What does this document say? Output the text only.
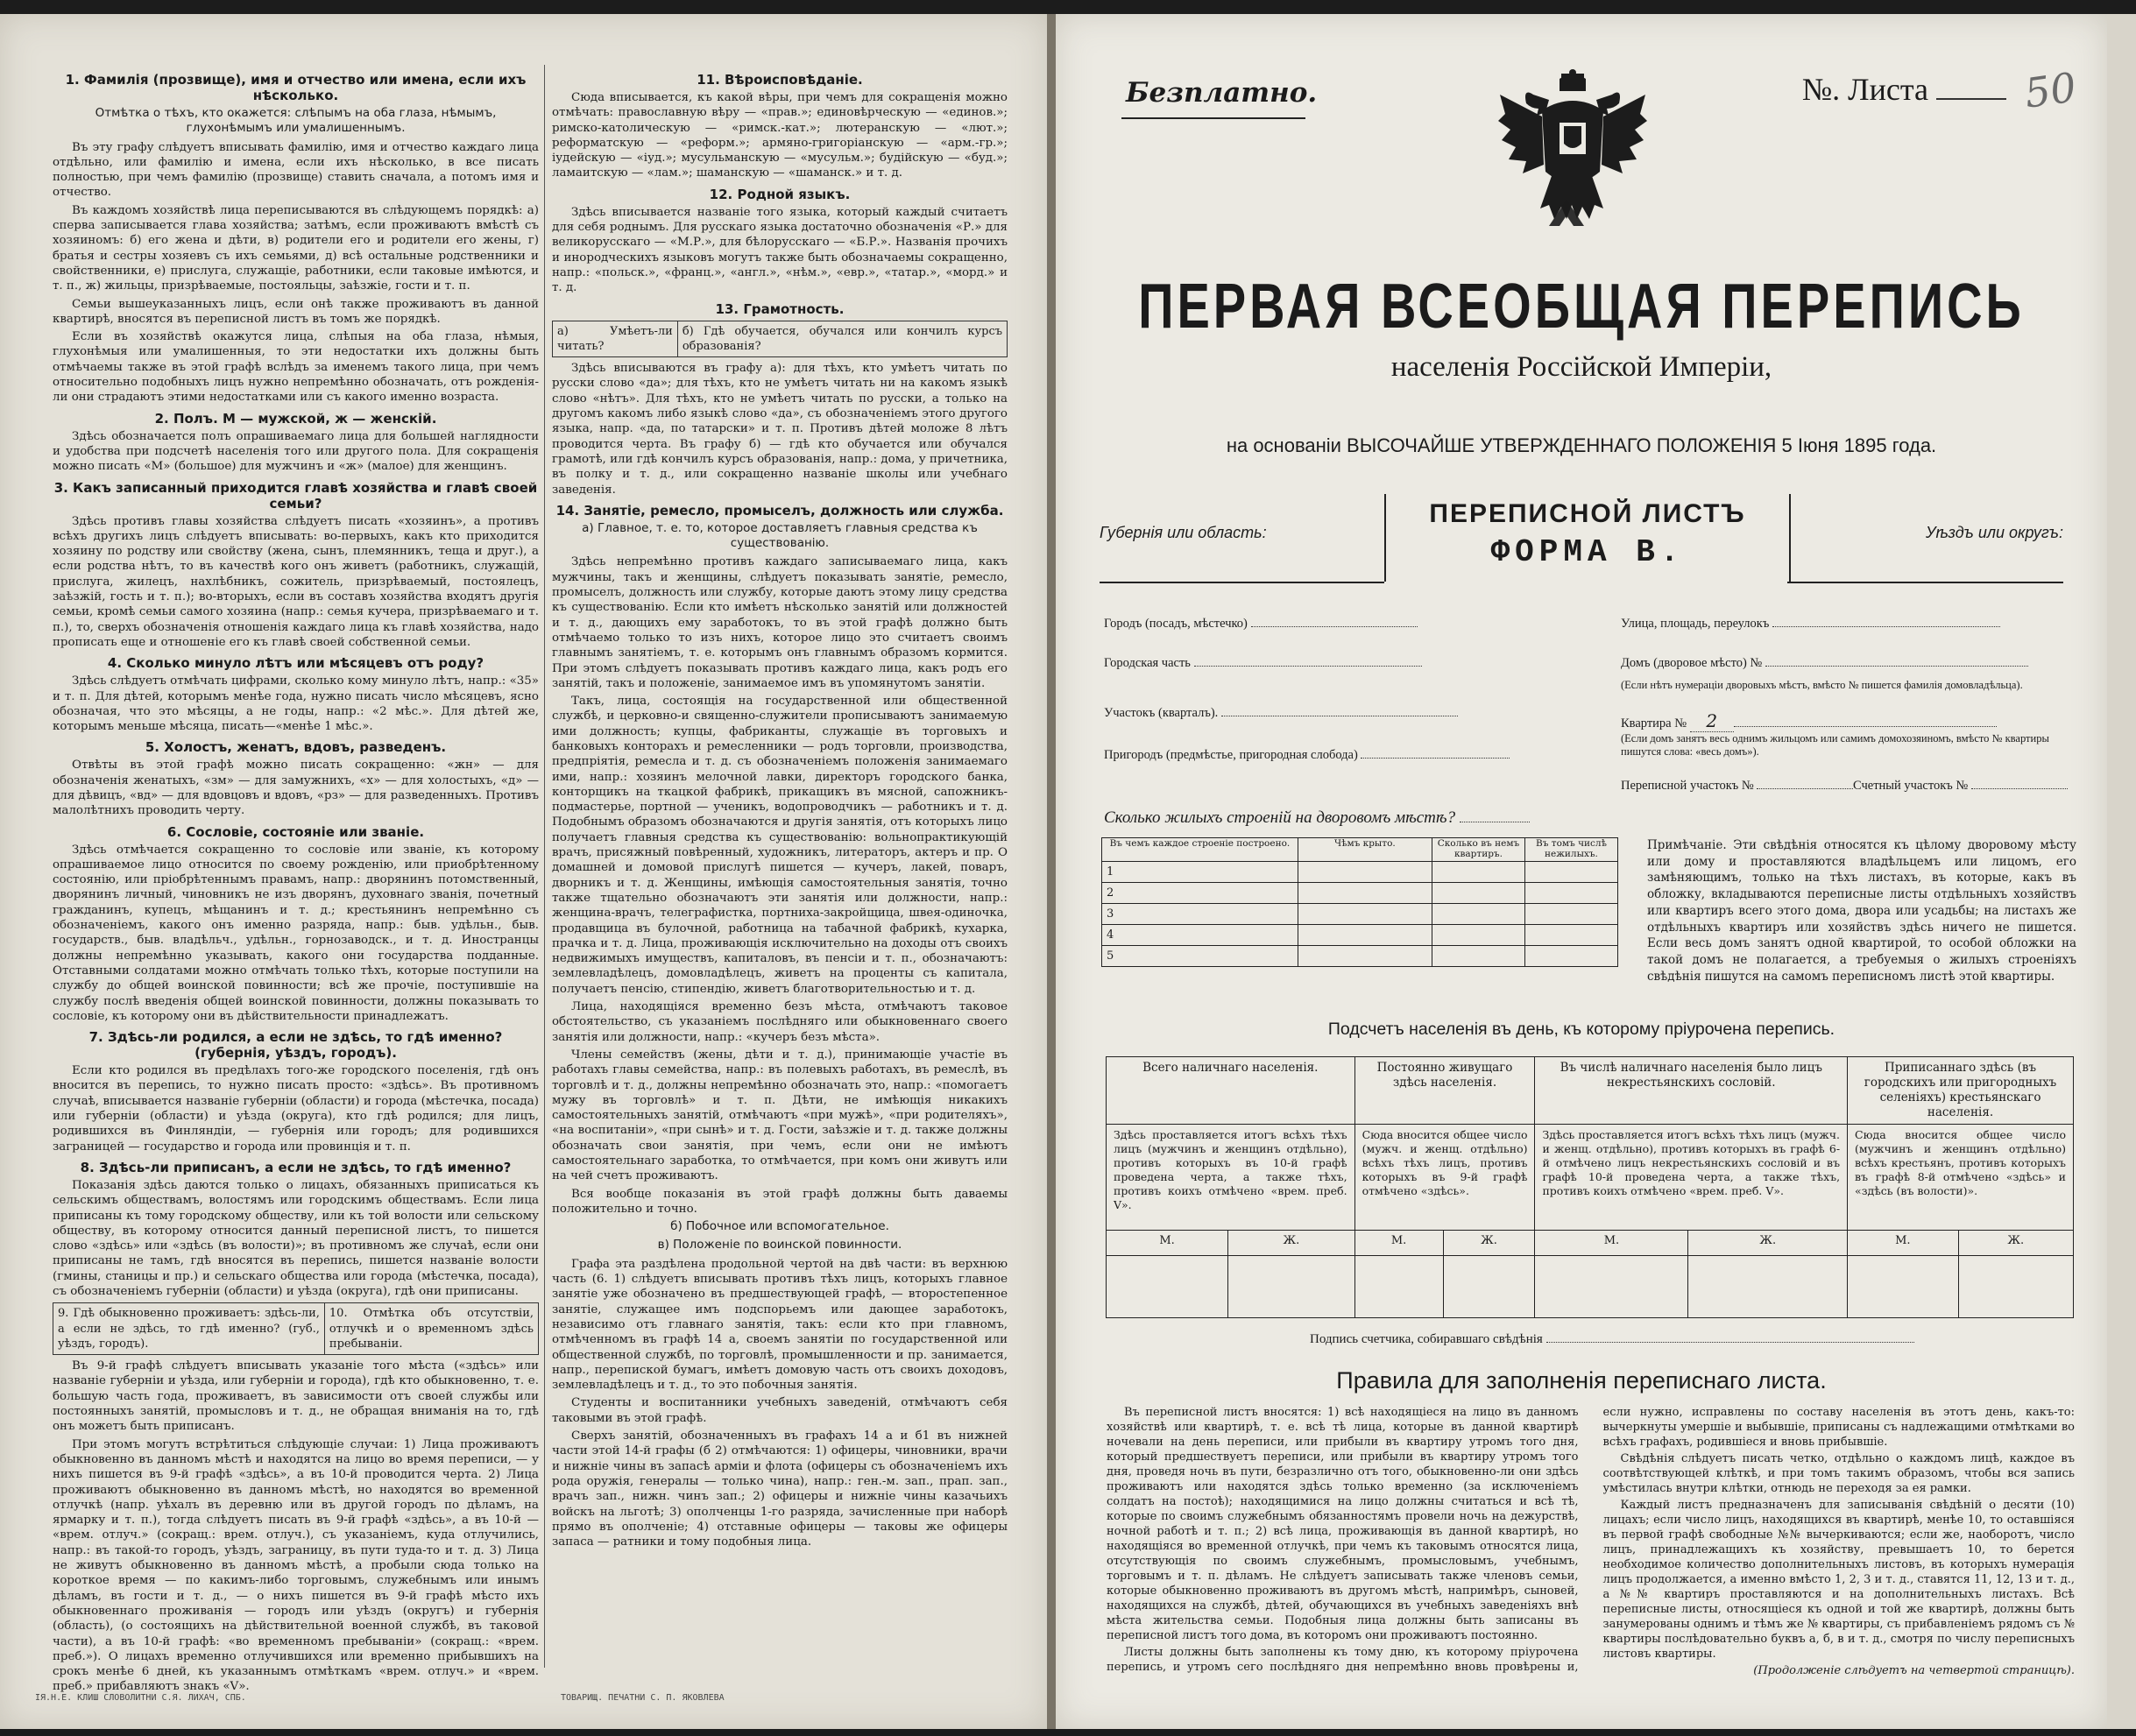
1. Фамилія (прозвище), имя и отчество или имена, если ихъ нѣсколько.
Отмѣтка о тѣхъ, кто окажется: слѣпымъ на оба глаза, нѣмымъ, глухонѣмымъ или умалишеннымъ.

Въ эту графу слѣдуетъ вписывать фамилію, имя и отчество каждаго лица отдѣльно, или фамилію и имена, если ихъ нѣсколько, в все писать полностью, при чемъ фамилію (прозвище) ставить сначала, а потомъ имя и отчество.

Въ каждомъ хозяйствѣ лица переписываются въ слѣдующемъ порядкѣ: а) сперва записывается глава хозяйства; затѣмъ, если проживаютъ вмѣстѣ съ хозяиномъ: б) его жена и дѣти, в) родители его и родители его жены, г) братья и сестры хозяевъ съ ихъ семьями, д) всѣ остальные родственники и свойственники, е) прислуга, служащіе, работники, если таковые имѣются, и т. п., ж) жильцы, призрѣваемые, постояльцы, заѣзжіе, гости и т. п.

Семьи вышеуказанныхъ лицъ, если онѣ также проживаютъ въ данной квартирѣ, вносятся въ переписной листъ въ томъ же порядкѣ.

Если въ хозяйствѣ окажутся лица, слѣпыя на оба глаза, нѣмыя, глухонѣмыя или умалишенныя, то эти недостатки ихъ должны быть отмѣчаемы также въ этой графѣ вслѣдъ за именемъ такого лица, при чемъ относительно подобныхъ лицъ нужно непремѣнно обозначать, отъ рожденія-ли они страдаютъ этими недостатками или съ какого именно возраста.

2. Полъ. М — мужской, ж — женскій.

Здѣсь обозначается полъ опрашиваемаго лица для большей наглядности и удобства при подсчетѣ населенія того или другого пола. Для сокращенія можно писать «М» (большое) для мужчинъ и «ж» (малое) для женщинъ.

3. Какъ записанный приходится главѣ хозяйства и главѣ своей семьи?

Здѣсь противъ главы хозяйства слѣдуетъ писать «хозяинъ», а противъ всѣхъ другихъ лицъ слѣдуетъ вписывать: во-первыхъ, какъ кто приходится хозяину по родству или свойству (жена, сынъ, племянникъ, теща и друг.), а если родства нѣтъ, то въ качествѣ кого онъ живетъ (работникъ, служащій, прислуга, жилецъ, нахлѣбникъ, сожитель, призрѣваемый, постоялецъ, заѣзжій, гость и т. п.); во-вторыхъ, если въ составъ хозяйства входятъ другія семьи, кромѣ семьи самого хозяина (напр.: семья кучера, призрѣваемаго и т. п.), то, сверхъ обозначенія отношенія каждаго лица къ главѣ хозяйства, надо прописать еще и отношеніе его къ главѣ своей собственной семьи.

4. Сколько минуло лѣтъ или мѣсяцевъ отъ роду?

Здѣсь слѣдуетъ отмѣчать цифрами, сколько кому минуло лѣтъ, напр.: «35» и т. п. Для дѣтей, которымъ менѣе года, нужно писать число мѣсяцевъ, ясно обозначая, что это мѣсяцы, а не годы, напр.: «2 мѣс.». Для дѣтей же, которымъ меньше мѣсяца, писать—«менѣе 1 мѣс.».

5. Холостъ, женатъ, вдовъ, разведенъ.

Отвѣты въ этой графѣ можно писать сокращенно: «жн» — для обозначенія женатыхъ, «зм» — для замужнихъ, «х» — для холостыхъ, «д» — для дѣвицъ, «вд» — для вдовцовъ и вдовъ, «рз» — для разведенныхъ. Противъ малолѣтнихъ проводить черту.

6. Сословіе, состояніе или званіе.

Здѣсь отмѣчается сокращенно то сословіе или званіе, къ которому опрашиваемое лицо относится по своему рожденію, или приобрѣтенному состоянію, или пріобрѣтеннымъ правамъ, напр.: дворянинъ потомственный, дворянинъ личный, чиновникъ не изъ дворянъ, духовнаго званія, почетный гражданинъ, купецъ, мѣщанинъ и т. д.; крестьянинъ непремѣнно съ обозначеніемъ, какого онъ именно разряда, напр.: быв. удѣльн., быв. государств., быв. владѣльч., удѣльн., горнозаводск., и т. д. Иностранцы должны непремѣнно указывать, какого они государства подданные. Отставными солдатами можно отмѣчать только тѣхъ, которые поступили на службу до общей воинской повинности; всѣ же прочіе, поступившіе на службу послѣ введенія общей воинской повинности, должны показывать то сословіе, къ которому они въ дѣйствительности принадлежатъ.

7. Здѣсь-ли родился, а если не здѣсь, то гдѣ именно? (губернія, уѣздъ, городъ).

Если кто родился въ предѣлахъ того-же городского поселенія, гдѣ онъ вносится въ перепись, то нужно писать просто: «здѣсь». Въ противномъ случаѣ, вписывается названіе губерніи (области) и города (мѣстечка, посада) или губерніи (области) и уѣзда (округа), кто гдѣ родился; для лицъ, родившихся въ Финляндіи, — губернія или городъ; для родившихся заграницей — государство и города или провинція и т. п.

8. Здѣсь-ли приписанъ, а если не здѣсь, то гдѣ именно?

Показанія здѣсь даются только о лицахъ, обязанныхъ приписаться къ сельскимъ обществамъ, волостямъ или городскимъ обществамъ. Если лица приписаны къ тому городскому обществу, или къ той волости или сельскому обществу, въ которому относится данный переписной листъ, то пишется слово «здѣсь» или «здѣсь (въ волости)»; въ противномъ же случаѣ, если они приписаны не тамъ, гдѣ вносятся въ перепись, пишется названіе волости (гмины, станицы и пр.) и сельскаго общества или города (мѣстечка, посада), съ обозначеніемъ губерніи (области) и уѣзда (округа), гдѣ они приписаны.

9. Гдѣ обыкновенно проживаетъ: здѣсь-ли, а если не здѣсь, то гдѣ именно? (губ., уѣздъ, городъ).	10. Отмѣтка объ отсутствіи, отлучкѣ и о временномъ здѣсь пребываніи.

Въ 9-й графѣ слѣдуетъ вписывать указаніе того мѣста («здѣсь» или названіе губерніи и уѣзда, или губерніи и города), гдѣ кто обыкновенно, т. е. большую часть года, проживаетъ, въ зависимости отъ своей службы или постоянныхъ занятій, промысловъ и т. д., не обращая вниманія на то, гдѣ онъ можетъ быть приписанъ.

При этомъ могутъ встрѣтиться слѣдующіе случаи: 1) Лица проживаютъ обыкновенно въ данномъ мѣстѣ и находятся на лицо во время переписи, — у нихъ пишется въ 9-й графѣ «здѣсь», а въ 10-й проводится черта. 2) Лица проживаютъ обыкновенно въ данномъ мѣстѣ, но находятся во временной отлучкѣ (напр. уѣхалъ въ деревню или въ другой городъ по дѣламъ, на ярмарку и т. п.), тогда слѣдуетъ писать въ 9-й графѣ «здѣсь», а въ 10-й — «врем. отлуч.» (сокращ.: врем. отлуч.), съ указаніемъ, куда отлучились, напр.: въ такой-то городъ, уѣздъ, заграницу, въ пути туда-то и т. д. 3) Лица не живутъ обыкновенно въ данномъ мѣстѣ, а пробыли сюда только на короткое время — по какимъ-либо торговымъ, служебнымъ или инымъ дѣламъ, въ гости и т. д., — о нихъ пишется въ 9-й графѣ мѣсто ихъ обыкновеннаго проживанія — городъ или уѣздъ (округъ) и губернія (область), (о состоящихъ на дѣйствительной военной службѣ, въ таковой части), а въ 10-й графѣ: «во временномъ пребываніи» (сокращ.: «врем. преб.»). О лицахъ временно отлучившихся или временно прибывшихъ на срокъ менѣе 6 дней, къ указаннымъ отмѣткамъ «врем. отлуч.» и «врем. преб.» прибавляютъ знакъ «V».

11. Вѣроисповѣданіе.

Сюда вписывается, къ какой вѣры, при чемъ для сокращенія можно отмѣчать: православную вѣру — «прав.»; единовѣрческую — «единов.»; римско-католическую — «римск.-кат.»; лютеранскую — «лют.»; реформатскую — «реформ.»; армяно-григоріанскую — «арм.-гр.»; іудейскую — «іуд.»; мусульманскую — «мусульм.»; будійскую — «буд.»; ламаитскую — «лам.»; шаманскую — «шаманск.» и т. д.

12. Родной языкъ.

Здѣсь вписывается названіе того языка, который каждый считаетъ для себя роднымъ. Для русскаго языка достаточно обозначенія «Р.» для великорусскаго — «М.Р.», для бѣлорусскаго — «Б.Р.». Названія прочихъ и инородческихъ языковъ могутъ также быть обозначаемы сокращенно, напр.: «польск.», «франц.», «англ.», «нѣм.», «евр.», «татар.», «морд.» и т. д.

13. Грамотность.
а) Умѣетъ-ли читать?	б) Гдѣ обучается, обучался или кончилъ курсъ образованія?

Здѣсь вписываются въ графу а): для тѣхъ, кто умѣетъ читать по русски слово «да»; для тѣхъ, кто не умѣетъ читать ни на какомъ языкѣ слово «нѣтъ». Для тѣхъ, кто не умѣетъ читать по русски, а только на другомъ какомъ либо языкѣ слово «да», съ обозначеніемъ этого другого языка, напр. «да, по татарски» и т. п. Противъ дѣтей моложе 8 лѣтъ проводится черта. Въ графу б) — гдѣ кто обучается или обучался грамотѣ, или гдѣ кончилъ курсъ образованія, напр.: дома, у причетника, въ полку и т. д., или сокращенно названіе школы или учебнаго заведенія.

14. Занятіе, ремесло, промыселъ, должность или служба.
а) Главное, т. е. то, которое доставляетъ главныя средства къ существованію.

Здѣсь непремѣнно противъ каждаго записываемаго лица, какъ мужчины, такъ и женщины, слѣдуетъ показывать занятіе, ремесло, промыселъ, должность или службу, которые даютъ этому лицу средства къ существованію. Если кто имѣетъ нѣсколько занятій или должностей и т. д., дающихъ ему заработокъ, то въ этой графѣ должно быть отмѣчаемо только то изъ нихъ, которое лицо это считаетъ своимъ главнымъ занятіемъ, т. е. которымъ онъ главнымъ образомъ кормится. При этомъ слѣдуетъ показывать противъ каждаго лица, какъ родъ его занятій, такъ и положеніе, занимаемое имъ въ упомянутомъ занятіи.

Такъ, лица, состоящія на государственной или общественной службѣ, и церковно-и священно-служители прописываютъ занимаемую ими должность; купцы, фабриканты, служащіе въ торговыхъ и банковыхъ конторахъ и ремесленники — родъ торговли, производства, предпріятія, ремесла и т. д. съ обозначеніемъ положенія занимаемаго ими, напр.: хозяинъ мелочной лавки, директоръ городского банка, конторщикъ на ткацкой фабрикѣ, прикащикъ въ мясной, сапожникъ-подмастерье, портной — ученикъ, водопроводчикъ — работникъ и т. д. Подобнымъ образомъ обозначаются и другія занятія, отъ которыхъ лицо получаетъ главныя средства къ существованію: вольнопрактикующій врачъ, присяжный повѣренный, художникъ, литераторъ, актеръ и пр. О домашней и домовой прислугѣ пишется — кучеръ, лакей, поваръ, дворникъ и т. д. Женщины, имѣющія самостоятельныя занятія, точно также тщательно обозначаютъ эти занятія или должности, напр.: женщина-врачъ, телеграфистка, портниха-закройщица, швея-одиночка, продавщица въ булочной, работница на табачной фабрикѣ, кухарка, прачка и т. д. Лица, проживающія исключительно на доходы отъ своихъ недвижимыхъ имуществъ, капиталовъ, въ пенсіи и т. п., обозначаютъ: землевладѣлецъ, домовладѣлецъ, живетъ на проценты съ капитала, получаетъ пенсію, стипендію, живетъ благотворительностью и т. д.

Лица, находящіяся временно безъ мѣста, отмѣчаютъ таковое обстоятельство, съ указаніемъ послѣдняго или обыкновеннаго своего занятія или должности, напр.: «кучеръ безъ мѣста».

Члены семействъ (жены, дѣти и т. д.), принимающіе участіе въ работахъ главы семейства, напр.: въ полевыхъ работахъ, въ ремеслѣ, въ торговлѣ и т. д., должны непремѣнно обозначать это, напр.: «помогаетъ мужу въ торговлѣ» и т. п. Дѣти, не имѣющія никакихъ самостоятельныхъ занятій, отмѣчаютъ «при мужѣ», «при родителяхъ», «на воспитаніи», «при сынѣ» и т. д. Гости, заѣзжіе и т. д. также должны обозначать свои занятія, при чемъ, если они не имѣютъ самостоятельнаго заработка, то отмѣчается, при комъ они живутъ или на чей счетъ проживаютъ.

Вся вообще показанія въ этой графѣ должны быть даваемы положительно и точно.

б) Побочное или вспомогательное.
в) Положеніе по воинской повинности.

Графа эта раздѣлена продольной чертой на двѣ части: въ верхнюю часть (6. 1) слѣдуетъ вписывать противъ тѣхъ лицъ, которыхъ главное занятіе уже обозначено въ предшествующей графѣ, — второстепенное занятіе, служащее имъ подспорьемъ или дающее заработокъ, независимо отъ главнаго занятія, такъ: если кто при главномъ, отмѣченномъ въ графѣ 14 а, своемъ занятіи по государственной или общественной службѣ, по торговлѣ, промышленности и пр. занимается, напр., перепиской бумагъ, имѣетъ домовую часть отъ своихъ доходовъ, землевладѣлецъ и т. д., то это побочныя занятія.

Студенты и воспитанники учебныхъ заведеній, отмѣчаютъ себя таковыми въ этой графѣ.

Сверхъ занятій, обозначенныхъ въ графахъ 14 а и б1 въ нижней части этой 14-й графы (б 2) отмѣчаются: 1) офицеры, чиновники, врачи и нижніе чины въ запасѣ арміи и флота (офицеры съ обозначеніемъ ихъ рода оружія, генералы — только чина), напр.: ген.-м. зап., прап. зап., врачъ зап., нижн. чинъ зап.; 2) офицеры и нижніе чины казачьихъ войскъ на льготѣ; 3) ополченцы 1-го разряда, зачисленные при наборѣ прямо въ ополченіе; 4) отставные офицеры — таковы же офицеры запаса — ратники и тому подобныя лица.

ІЯ.Н.Е. КЛИШ СЛОВОЛИТНИ С.Я. ЛИХАЧ, СПБ.	ТОВАРИЩ. ПЕЧАТНИ С. П. ЯКОВЛЕВА
Безплатно.	№. Листа	50
ПЕРВАЯ ВСЕОБЩАЯ ПЕРЕПИСЬ
населенія Россійской Имперіи,
на основаніи ВЫСОЧАЙШЕ УТВЕРЖДЕННАГО ПОЛОЖЕНІЯ 5 Іюня 1895 года.
Губернія или область:
ПЕРЕПИСНОЙ ЛИСТЪ
ФОРМА В.
Уѣздъ или округъ:
Городъ (посадъ, мѣстечко)	Улица, площадь, переулокъ
Городская часть	Домъ (дворовое мѣсто) №
(Если нѣтъ нумераціи дворовыхъ мѣстъ, вмѣсто № пишется фамилія домовладѣльца).
Участокъ (кварталъ).
Квартира № 2
(Если домъ занятъ весь однимъ жильцомъ или самимъ домохозяиномъ, вмѣсто № квартиры пишутся слова: «весь домъ»).
Пригородъ (предмѣстье, пригородная слобода)
Переписной участокъ №	Счетный участокъ №
Сколько жилыхъ строеній на дворовомъ мѣстѣ?
Въ чемъ каждое строеніе построено.	Чѣмъ крыто.	Сколько въ немъ квартиръ.	Въ томъ числѣ нежилыхъ.
1			
2			
3			
4			
5			
Примѣчаніе. Эти свѣдѣнія относятся къ цѣлому дворовому мѣсту или дому и проставляются владѣльцемъ или лицомъ, его замѣняющимъ, только на тѣхъ листахъ, въ которые, какъ въ обложку, вкладываются переписные листы отдѣльныхъ хозяйствъ или квартиръ всего этого дома, двора или усадьбы; на листахъ же отдѣльныхъ квартиръ или хозяйствъ здѣсь ничего не пишется. Если весь домъ занятъ одной квартирой, то особой обложки на такой домъ не полагается, а требуемыя о жилыхъ строеніяхъ свѣдѣнія пишутся на самомъ переписномъ листѣ этой квартиры.
Подсчетъ населенія въ день, къ которому пріурочена перепись.
Всего наличнаго населенія.		Постоянно живущаго здѣсь населенія.		Въ числѣ наличнаго населенія было лицъ некрестьянскихъ сословій.		Приписаннаго здѣсь (въ городскихъ или пригородныхъ селеніяхъ) крестьянскаго населенія.	
Здѣсь проставляется итогъ всѣхъ тѣхъ лицъ (мужчинъ и женщинъ отдѣльно), противъ которыхъ въ 10-й графѣ проведена черта, а также тѣхъ, противъ коихъ отмѣчено «врем. преб. V».		Сюда вносится общее число (мужч. и женщ. отдѣльно) всѣхъ тѣхъ лицъ, противъ которыхъ въ 9-й графѣ отмѣчено «здѣсь».		Здѣсь проставляется итогъ всѣхъ тѣхъ лицъ (мужч. и женщ. отдѣльно), противъ которыхъ въ графѣ 6-й отмѣчено лицъ некрестьянскихъ сословій и въ графѣ 10-й проведена черта, а также тѣхъ, противъ коихъ отмѣчено «врем. преб. V».		Сюда вносится общее число (мужчинъ и женщинъ отдѣльно) всѣхъ крестьянъ, противъ которыхъ въ графѣ 8-й отмѣчено «здѣсь» и «здѣсь (въ волости)».	
М.	Ж.	М.	Ж.	М.	Ж.	М.	Ж.

Подпись счетчика, собиравшаго свѣдѣнія
Правила для заполненія переписнаго листа.

Въ переписной листъ вносятся: 1) всѣ находящіеся на лицо въ данномъ хозяйствѣ или квартирѣ, т. е. всѣ тѣ лица, которые въ данной квартирѣ ночевали на день переписи, или прибыли въ квартиру утромъ того дня, который предшествуетъ переписи, или прибыли въ квартиру утромъ того дня, проведя ночь въ пути, безразлично отъ того, обыкновенно-ли они здѣсь проживаютъ или находятся здѣсь только временно (за исключеніемъ солдатъ на постоѣ); находящимися на лицо должны считаться и всѣ тѣ, которые по своимъ служебнымъ обязанностямъ провели ночь на дежурствѣ, ночной работѣ и т. п.; 2) всѣ лица, проживающія въ данной квартирѣ, но находящіяся во временной отлучкѣ, при чемъ къ таковымъ относятся лица, отсутствующія по своимъ служебнымъ, промысловымъ, учебнымъ, торговымъ и т. п. дѣламъ. Не слѣдуетъ записывать также членовъ семьи, которые обыкновенно проживаютъ въ другомъ мѣстѣ, напримѣръ, сыновей, находящихся на службѣ, дѣтей, обучающихся въ учебныхъ заведеніяхъ внѣ мѣста жительства семьи. Подобныя лица должны быть записаны въ переписной листъ того дома, въ которомъ они проживаютъ постоянно.

Листы должны быть заполнены къ тому дню, къ которому пріурочена перепись, и утромъ сего послѣдняго дня непремѣнно вновь провѣрены и, если нужно, исправлены по составу населенія въ этотъ день, какъ-то: вычеркнуты умершіе и выбывшіе, приписаны съ надлежащими отмѣтками во всѣхъ графахъ, родившіеся и вновь прибывшіе.

Свѣдѣнія слѣдуетъ писать четко, отдѣльно о каждомъ лицѣ, каждое въ соотвѣтствующей клѣткѣ, и при томъ такимъ образомъ, чтобы вся запись умѣстилась внутри клѣтки, отнюдь не переходя за ея рамки.

Каждый листъ предназначенъ для записыванія свѣдѣній о десяти (10) лицахъ; если число лицъ, находящихся въ квартирѣ, менѣе 10, то оставшіяся въ первой графѣ свободные №№ вычеркиваются; если же, наоборотъ, число лицъ, принадлежащихъ къ хозяйству, превышаетъ 10, то берется необходимое количество дополнительныхъ листовъ, въ которыхъ нумерація лицъ продолжается, а именно вмѣсто 1, 2, 3 и т. д., ставятся 11, 12, 13 и т. д., а №№ квартиръ проставляются и на дополнительныхъ листахъ. Всѣ переписные листы, относящіеся къ одной и той же квартирѣ, должны быть занумерованы однимъ и тѣмъ же № квартиры, съ прибавленіемъ рядомъ съ № квартиры послѣдовательно буквъ а, б, в и т. д., смотря по числу переписныхъ листовъ квартиры.

(Продолженіе слѣдуетъ на четвертой страницѣ).
